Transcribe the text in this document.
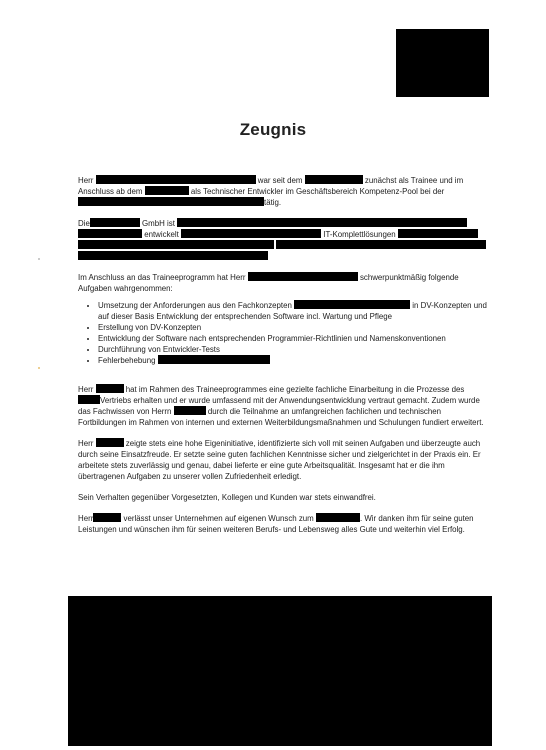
Zeugnis

Herr	war seit dem	zunächst als Trainee und im Anschluss ab dem	als Technischer Entwickler im Geschäftsbereich Kompetenz-Pool bei der tätig.

Die	GmbH ist
entwickelt	IT-Komplettlösungen

Im Anschluss an das Traineeprogramm hat Herr	schwerpunktmäßig folgende Aufgaben wahrgenommen:

• Umsetzung der Anforderungen aus den Fachkonzepten	in DV-Konzepten und auf dieser Basis Entwicklung der entsprechenden Software incl. Wartung und Pflege
• Erstellung von DV-Konzepten
• Entwicklung der Software nach entsprechenden Programmier-Richtlinien und Namenskonventionen
• Durchführung von Entwickler-Tests
• Fehlerbehebung

Herr	hat im Rahmen des Traineeprogrammes eine gezielte fachliche Einarbeitung in die Prozesse des Vertriebs erhalten und er wurde umfassend mit der Anwendungsentwicklung vertraut gemacht. Zudem wurde das Fachwissen von Herrn	durch die Teilnahme an umfangreichen fachlichen und technischen Fortbildungen im Rahmen von internen und externen Weiterbildungsmaßnahmen und Schulungen fundiert erweitert.

Herr	zeigte stets eine hohe Eigeninitiative, identifizierte sich voll mit seinen Aufgaben und überzeugte auch durch seine Einsatzfreude. Er setzte seine guten fachlichen Kenntnisse sicher und zielgerichtet in der Praxis ein. Er arbeitete stets zuverlässig und genau, dabei lieferte er eine gute Arbeitsqualität. Insgesamt hat er die ihm übertragenen Aufgaben zu unserer vollen Zufriedenheit erledigt.

Sein Verhalten gegenüber Vorgesetzten, Kollegen und Kunden war stets einwandfrei.

Herr	verlässt unser Unternehmen auf eigenen Wunsch zum	. Wir danken ihm für seine guten Leistungen und wünschen ihm für seinen weiteren Berufs- und Lebensweg alles Gute und weiterhin viel Erfolg.
